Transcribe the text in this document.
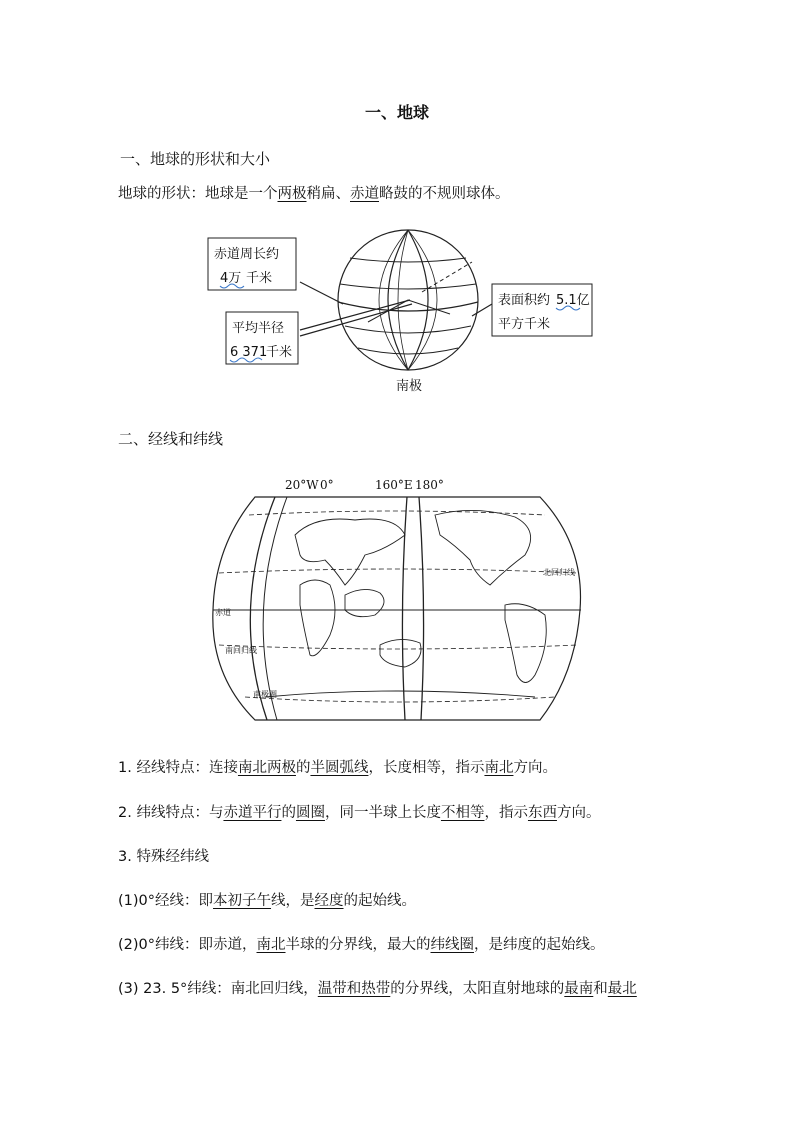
一、地球
一、地球的形状和大小
地球的形状：地球是一个两极稍扁、赤道略鼓的不规则球体。
赤道周长约
4万 千米
平均半径
6 371
千米
表面积约 5.1亿
平方千米
南极
二、经线和纬线
20°W 0°	160°E 180°
北回归线
赤道
南回归线
南极圈
1. 经线特点：连接南北两极的半圆弧线，长度相等，指示南北方向。
2. 纬线特点：与赤道平行的圆圈，同一半球上长度不相等，指示东西方向。
3. 特殊经纬线
(1)0°经线：即本初子午线，是经度的起始线。
(2)0°纬线：即赤道，南北半球的分界线，最大的纬线圈，是纬度的起始线。
(3) 23. 5°纬线：南北回归线，温带和热带的分界线，太阳直射地球的最南和最北
